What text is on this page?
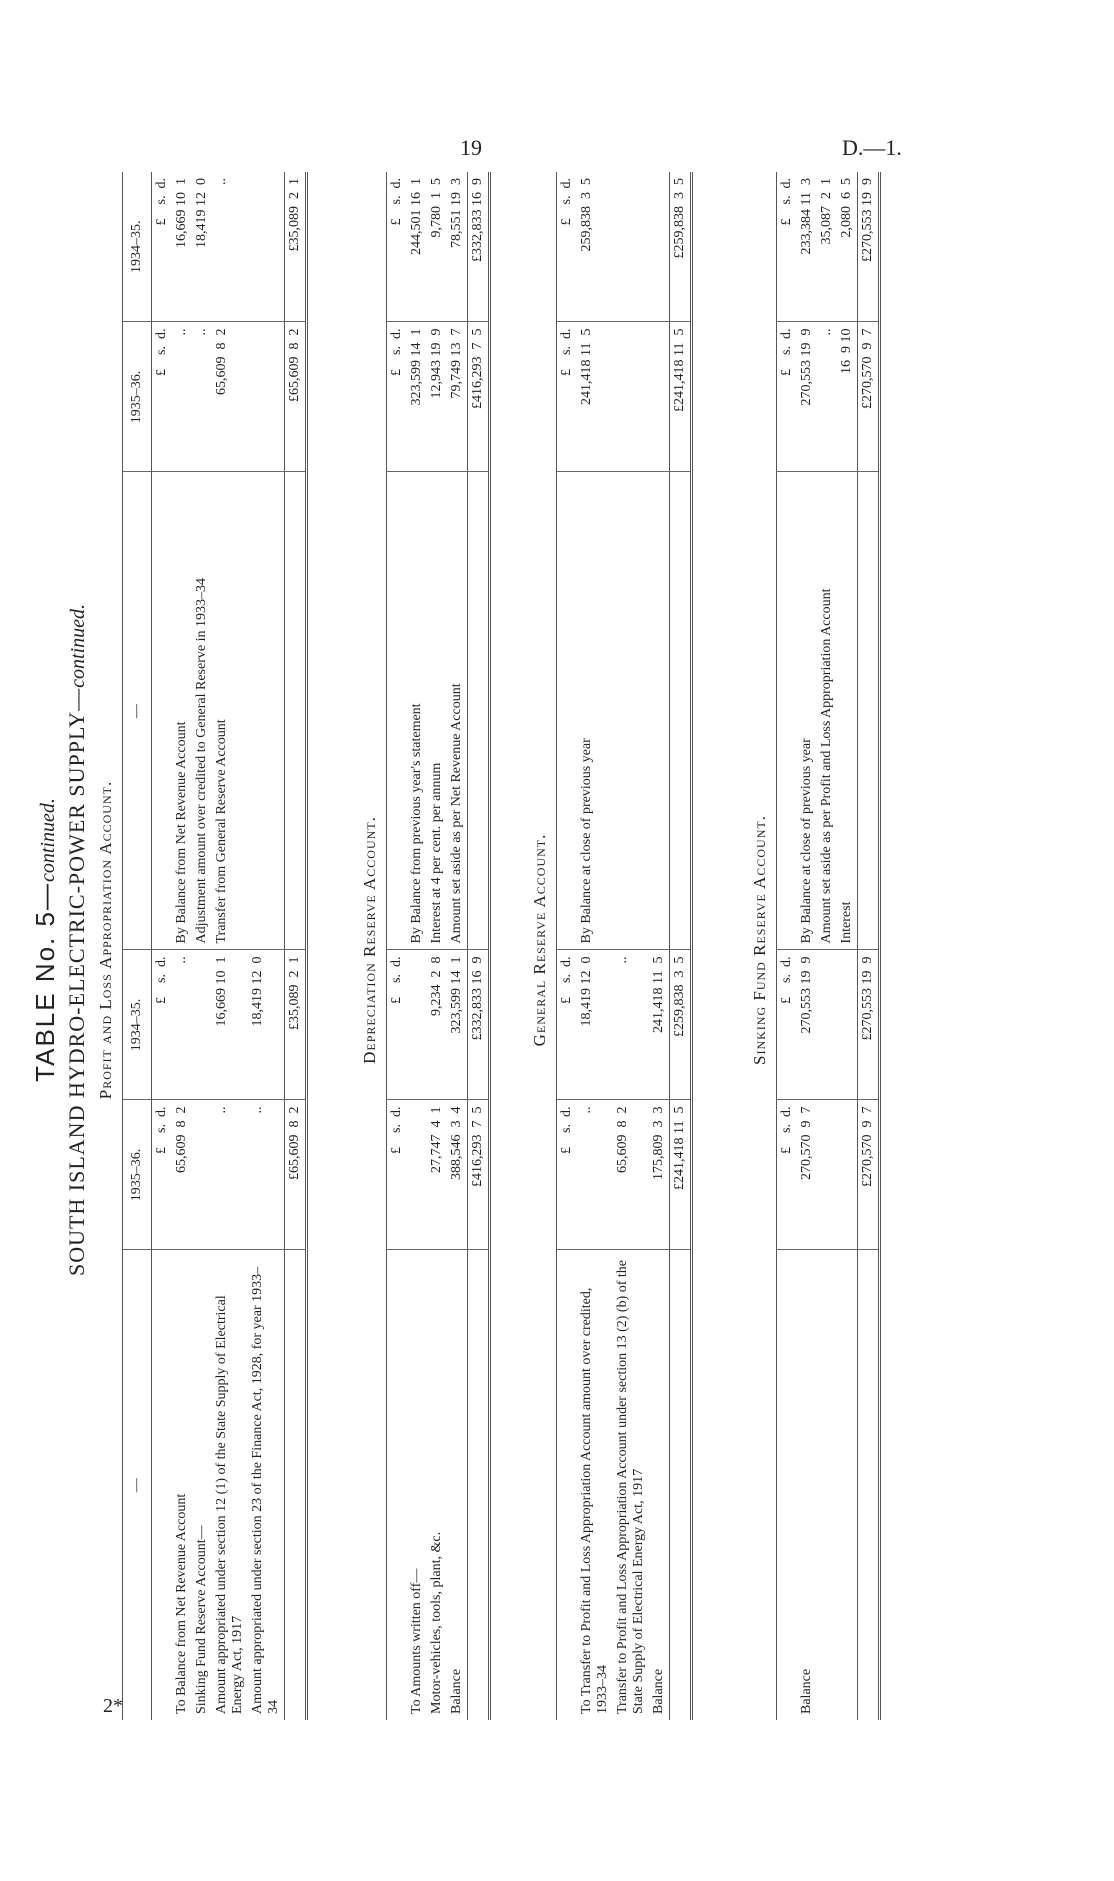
19	D.—1.
2*
TABLE No. 5—continued. SOUTH ISLAND HYDRO-ELECTRIC-POWER SUPPLY—continued.
Profit and Loss Appropriation Account.
—	1935–36.	1934–35.	—	1935–36.	1934–35.
	£    s.  d.	£    s.  d.		£    s.  d.	£    s.  d.
To Balance from Net Revenue Account	65,609  8  2	..	By Balance from Net Revenue Account	..	16,669 10  1
Sinking Fund Reserve Account—			Adjustment amount over credited to General Reserve in 1933–34	..	18,419 12  0
Amount appropriated under section 12 (1) of the State Supply of Electrical Energy Act, 1917	..	16,669 10  1	Transfer from General Reserve Account	65,609  8  2	..
Amount appropriated under section 23 of the Finance Act, 1928, for year 1933–34	..	18,419 12  0			
	£65,609  8  2	£35,089  2  1		£65,609  8  2	£35,089  2  1
Depreciation Reserve Account.
	£    s.  d.	£    s.  d.		£    s.  d.	£    s.  d.
To Amounts written off—			By Balance from previous year's statement	323,599 14  1	244,501 16  1
Motor-vehicles, tools, plant, &c.	27,747  4  1	9,234  2  8	Interest at 4 per cent. per annum	12,943 19  9	9,780  1  5
Balance	388,546  3  4	323,599 14  1	Amount set aside as per Net Revenue Account	79,749 13  7	78,551 19  3
	£416,293  7  5	£332,833 16  9		£416,293  7  5	£332,833 16  9
General Reserve Account.
	£    s.  d.	£    s.  d.		£    s.  d.	£    s.  d.
To Transfer to Profit and Loss Appropriation Account amount over credited, 1933–34	..	18,419 12  0	By Balance at close of previous year	241,418 11  5	259,838  3  5
Transfer to Profit and Loss Appropriation Account under section 13 (2) (b) of the State Supply of Electrical Energy Act, 1917	65,609  8  2	..			
Balance	175,809  3  3	241,418 11  5			
	£241,418 11  5	£259,838  3  5		£241,418 11  5	£259,838  3  5
Sinking Fund Reserve Account.
	£    s.  d.	£    s.  d.		£    s.  d.	£    s.  d.
Balance	270,570  9  7	270,553 19  9	By Balance at close of previous year	270,553 19  9	233,384 11  3
			Amount set aside as per Profit and Loss Appropriation Account	..	35,087  2  1
			Interest	16  9 10	2,080  6  5
	£270,570  9  7	£270,553 19  9		£270,570  9  7	£270,553 19  9
